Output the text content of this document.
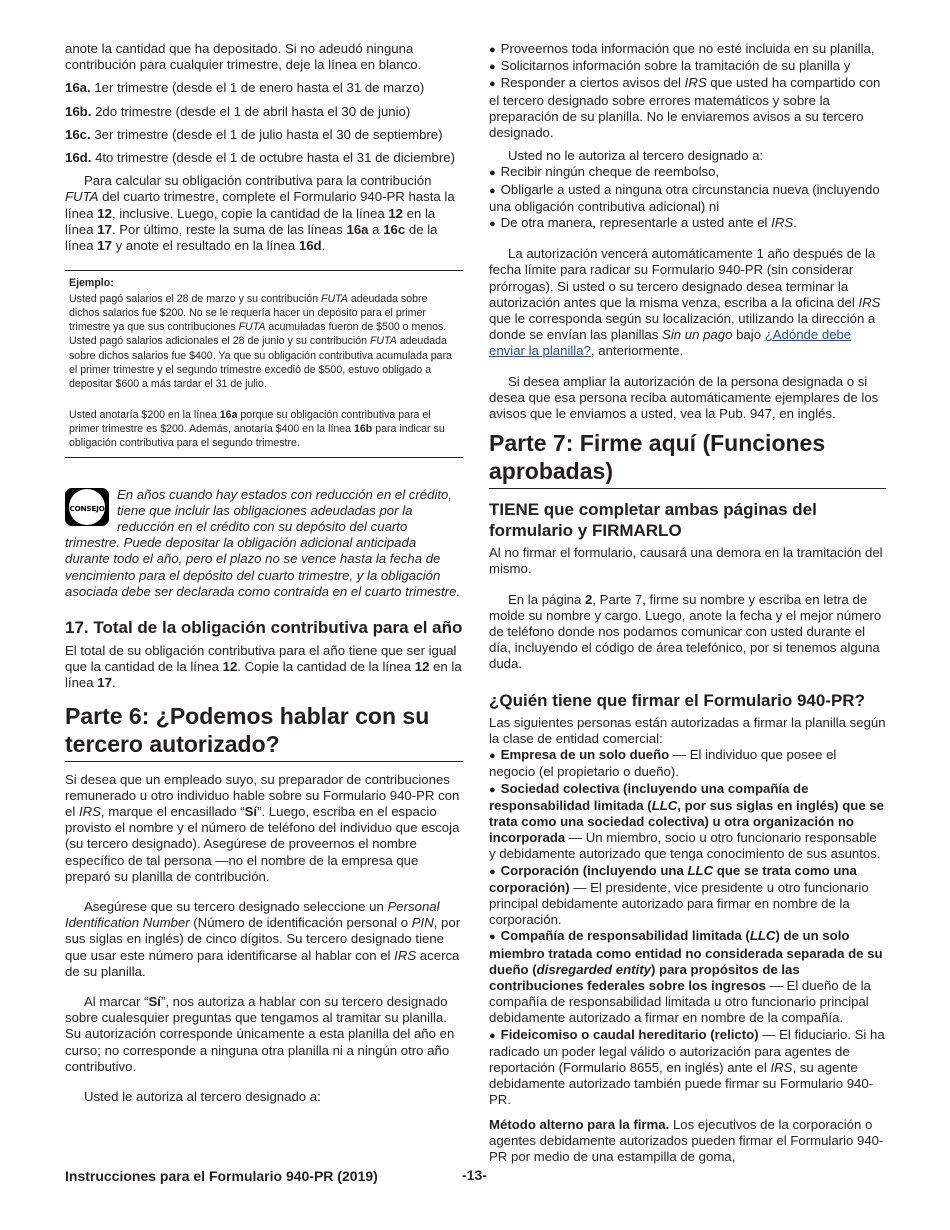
anote la cantidad que ha depositado. Si no adeudó ninguna contribución para cualquier trimestre, deje la línea en blanco.

16a. 1er trimestre (desde el 1 de enero hasta el 31 de marzo)

16b. 2do trimestre (desde el 1 de abril hasta el 30 de junio)

16c. 3er trimestre (desde el 1 de julio hasta el 30 de septiembre)

16d. 4to trimestre (desde el 1 de octubre hasta el 31 de diciembre)

Para calcular su obligación contributiva para la contribución FUTA del cuarto trimestre, complete el Formulario 940-PR hasta la línea 12, inclusive. Luego, copie la cantidad de la línea 12 en la línea 17. Por último, reste la suma de las líneas 16a a 16c de la línea 17 y anote el resultado en la línea 16d.

Ejemplo:

Usted pagó salarios el 28 de marzo y su contribución FUTA adeudada sobre dichos salarios fue $200. No se le requería hacer un depósito para el primer trimestre ya que sus contribuciones FUTA acumuladas fueron de $500 o menos. Usted pagó salarios adicionales el 28 de junio y su contribución FUTA adeudada sobre dichos salarios fue $400. Ya que su obligación contributiva acumulada para el primer trimestre y el segundo trimestre excedió de $500, estuvo obligado a depositar $600 a más tardar el 31 de julio.

Usted anotaría $200 en la línea 16a porque su obligación contributiva para el primer trimestre es $200. Además, anotaría $400 en la línea 16b para indicar su obligación contributiva para el segundo trimestre.

CONSEJO
En años cuando hay estados con reducción en el crédito, tiene que incluir las obligaciones adeudadas por la reducción en el crédito con su depósito del cuarto trimestre. Puede depositar la obligación adicional anticipada durante todo el año, pero el plazo no se vence hasta la fecha de vencimiento para el depósito del cuarto trimestre, y la obligación asociada debe ser declarada como contraída en el cuarto trimestre.
17. Total de la obligación contributiva para el año

El total de su obligación contributiva para el año tiene que ser igual que la cantidad de la línea 12. Copie la cantidad de la línea 12 en la línea 17.

Parte 6: ¿Podemos hablar con su tercero autorizado?

Si desea que un empleado suyo, su preparador de contribuciones remunerado u otro individuo hable sobre su Formulario 940-PR con el IRS, marque el encasillado “Sí”. Luego, escriba en el espacio provisto el nombre y el número de teléfono del individuo que escoja (su tercero designado). Asegúrese de proveernos el nombre específico de tal persona —no el nombre de la empresa que preparó su planilla de contribución.

Asegúrese que su tercero designado seleccione un Personal Identification Number (Número de identificación personal o PIN, por sus siglas en inglés) de cinco dígitos. Su tercero designado tiene que usar este número para identificarse al hablar con el IRS acerca de su planilla.

Al marcar “Sí”, nos autoriza a hablar con su tercero designado sobre cualesquier preguntas que tengamos al tramitar su planilla. Su autorización corresponde únicamente a esta planilla del año en curso; no corresponde a ninguna otra planilla ni a ningún otro año contributivo.

Usted le autoriza al tercero designado a:

● Proveernos toda información que no esté incluida en su planilla,

● Solicitarnos información sobre la tramitación de su planilla y

● Responder a ciertos avisos del IRS que usted ha compartido con el tercero designado sobre errores matemáticos y sobre la preparación de su planilla. No le enviaremos avisos a su tercero designado.

Usted no le autoriza al tercero designado a:

● Recibir ningún cheque de reembolso,

● Obligarle a usted a ninguna otra circunstancia nueva (incluyendo una obligación contributiva adicional) ni

● De otra manera, representarle a usted ante el IRS.

La autorización vencerá automáticamente 1 año después de la fecha límite para radicar su Formulario 940-PR (sin considerar prórrogas). Si usted o su tercero designado desea terminar la autorización antes que la misma venza, escriba a la oficina del IRS que le corresponda según su localización, utilizando la dirección a donde se envían las planillas Sin un pago bajo ¿Adónde debe enviar la planilla?, anteriormente.

Si desea ampliar la autorización de la persona designada o si desea que esa persona reciba automáticamente ejemplares de los avisos que le enviamos a usted, vea la Pub. 947, en inglés.

Parte 7: Firme aquí (Funciones aprobadas)
TIENE que completar ambas páginas del formulario y FIRMARLO

Al no firmar el formulario, causará una demora en la tramitación del mismo.

En la página 2, Parte 7, firme su nombre y escriba en letra de molde su nombre y cargo. Luego, anote la fecha y el mejor número de teléfono donde nos podamos comunicar con usted durante el día, incluyendo el código de área telefónico, por si tenemos alguna duda.

¿Quién tiene que firmar el Formulario 940-PR?

Las siguientes personas están autorizadas a firmar la planilla según la clase de entidad comercial:

● Empresa de un solo dueño — El individuo que posee el negocio (el propietario o dueño).

● Sociedad colectiva (incluyendo una compañía de responsabilidad limitada (LLC, por sus siglas en inglés) que se trata como una sociedad colectiva) u otra organización no incorporada — Un miembro, socio u otro funcionario responsable y debidamente autorizado que tenga conocimiento de sus asuntos.

● Corporación (incluyendo una LLC que se trata como una corporación) — El presidente, vice presidente u otro funcionario principal debidamente autorizado para firmar en nombre de la corporación.

● Compañía de responsabilidad limitada (LLC) de un solo miembro tratada como entidad no considerada separada de su dueño (disregarded entity) para propósitos de las contribuciones federales sobre los ingresos — El dueño de la compañía de responsabilidad limitada u otro funcionario principal debidamente autorizado a firmar en nombre de la compañía.

● Fideicomiso o caudal hereditario (relicto) — El fiduciario. Si ha radicado un poder legal válido o autorización para agentes de reportación (Formulario 8655, en inglés) ante el IRS, su agente debidamente autorizado también puede firmar su Formulario 940-PR.

Método alterno para la firma. Los ejecutivos de la corporación o agentes debidamente autorizados pueden firmar el Formulario 940-PR por medio de una estampilla de goma,

Instrucciones para el Formulario 940-PR (2019)	-13-
